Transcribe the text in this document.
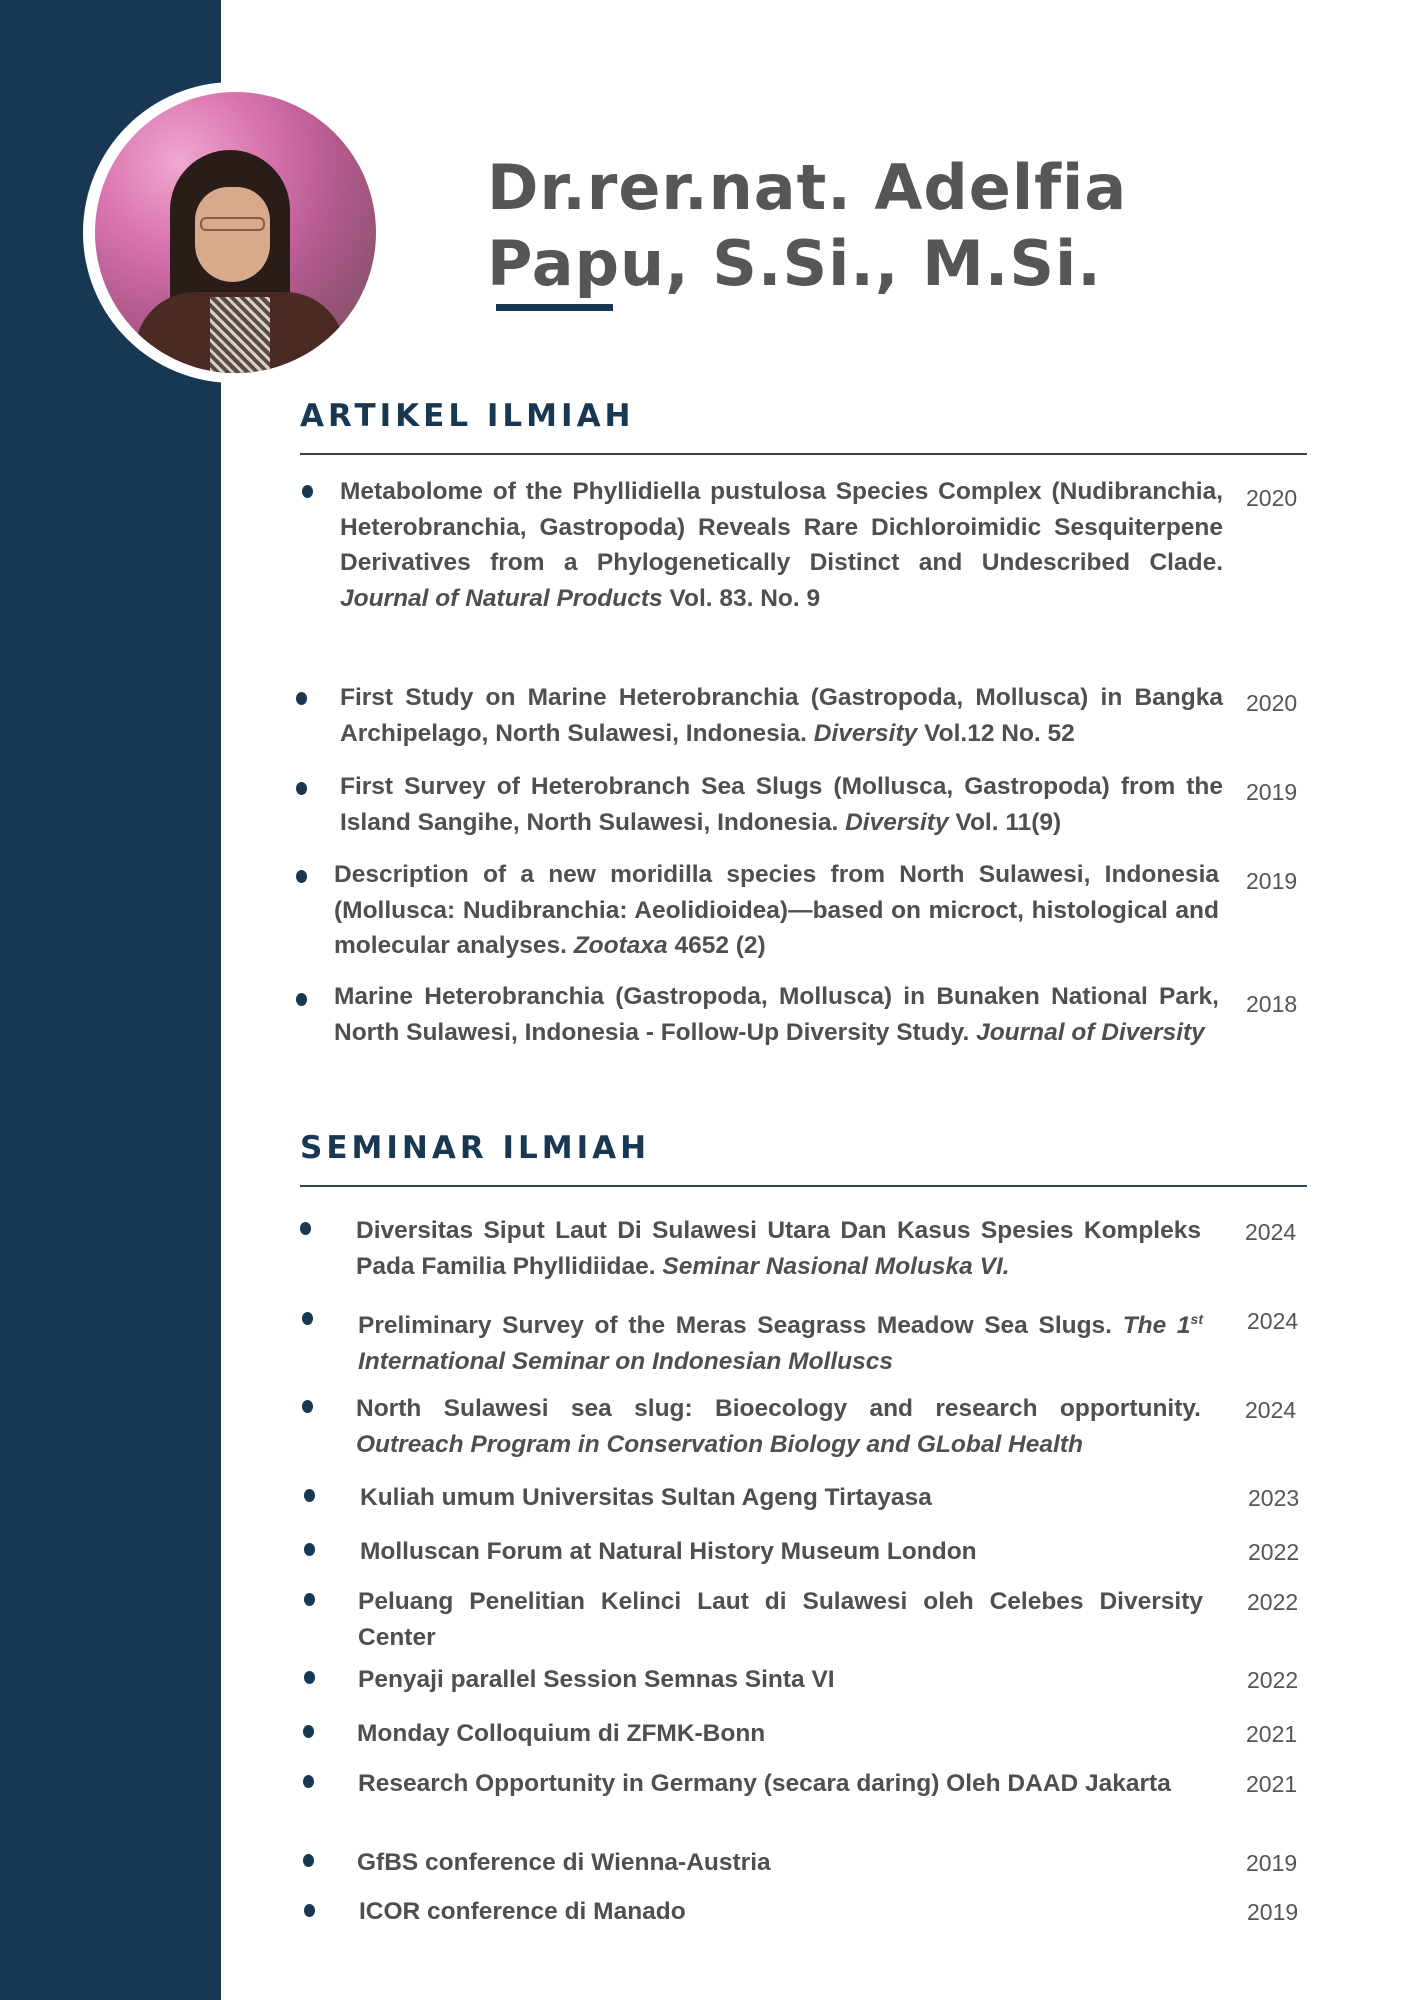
Dr.rer.nat. Adelfia
Papu, S.Si., M.Si.
ARTIKEL ILMIAH
Metabolome of the Phyllidiella pustulosa Species Complex (Nudibranchia, Heterobranchia, Gastropoda) Reveals Rare Dichloroimidic Sesquiterpene Derivatives from a Phylogenetically Distinct and Undescribed Clade. Journal of Natural Products Vol. 83. No. 9
2020
First Study on Marine Heterobranchia (Gastropoda, Mollusca) in Bangka Archipelago, North Sulawesi, Indonesia. Diversity Vol.12 No. 52
2020
First Survey of Heterobranch Sea Slugs (Mollusca, Gastropoda) from the Island Sangihe, North Sulawesi, Indonesia. Diversity Vol. 11(9)
2019
Description of a new moridilla species from North Sulawesi, Indonesia (Mollusca: Nudibranchia: Aeolidioidea)—based on microct, histological and molecular analyses. Zootaxa 4652 (2)
2019
Marine Heterobranchia (Gastropoda, Mollusca) in Bunaken National Park, North Sulawesi, Indonesia - Follow-Up Diversity Study. Journal of Diversity
2018
SEMINAR ILMIAH
Diversitas Siput Laut Di Sulawesi Utara Dan Kasus Spesies Kompleks Pada Familia Phyllidiidae. Seminar Nasional Moluska VI.
2024
Preliminary Survey of the Meras Seagrass Meadow Sea Slugs. The 1st International Seminar on Indonesian Molluscs
2024
North Sulawesi sea slug: Bioecology and research opportunity. Outreach Program in Conservation Biology and GLobal Health
2024
Kuliah umum Universitas Sultan Ageng Tirtayasa	2023
Molluscan Forum at Natural History Museum London	2022
Peluang Penelitian Kelinci Laut di Sulawesi oleh Celebes Diversity Center
2022
Penyaji parallel Session Semnas Sinta VI	2022
Monday Colloquium di ZFMK-Bonn	2021
Research Opportunity in Germany (secara daring) Oleh DAAD Jakarta	2021
GfBS conference di Wienna-Austria	2019
ICOR conference di Manado	2019
